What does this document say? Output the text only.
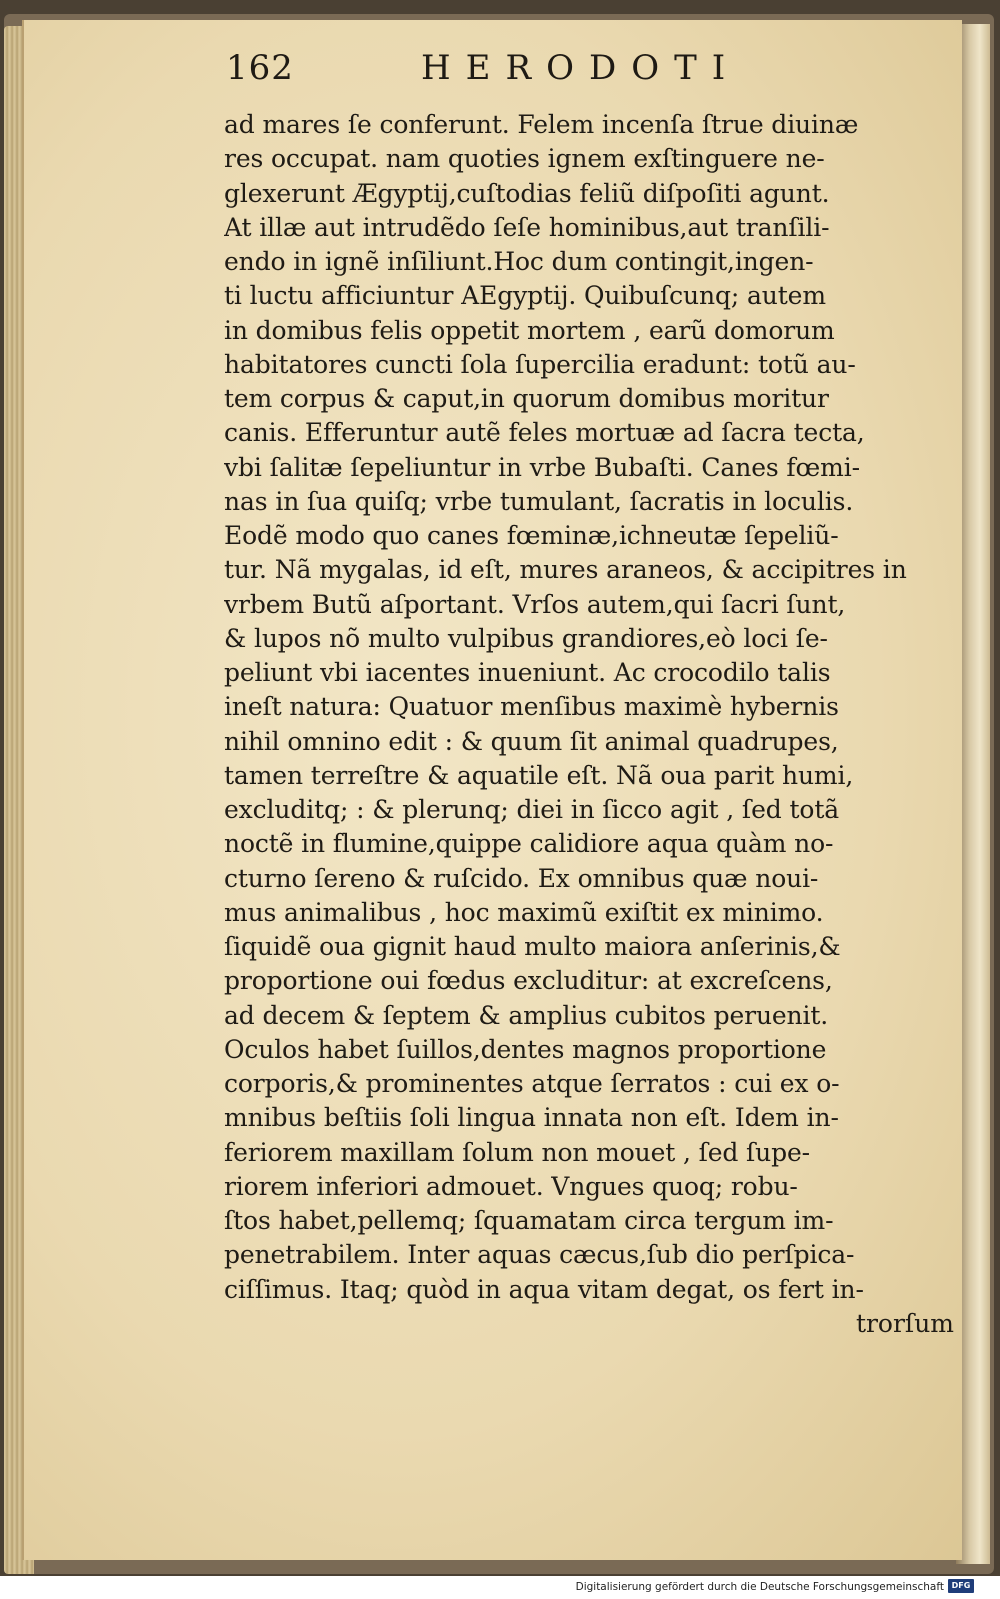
162	HERODOTI
ad mares ſe conferunt. Felem incenſa ſtrue diuinæ
res occupat. nam quoties ignem exſtinguere ne-
glexerunt Ægyptij,cuſtodias feliũ diſpoſiti agunt.
At illæ aut intrudẽdo ſeſe hominibus,aut tranſili-
endo in ignẽ inſiliunt.Hoc dum contingit,ingen-
ti luctu afficiuntur AEgyptij. Quibuſcunq; autem
in domibus felis oppetit mortem , earũ domorum
habitatores cuncti ſola ſupercilia eradunt: totũ au-
tem corpus & caput,in quorum domibus moritur
canis. Efferuntur autẽ feles mortuæ ad ſacra tecta,
vbi ſalitæ ſepeliuntur in vrbe Bubaſti. Canes fœmi-
nas in ſua quiſq; vrbe tumulant, ſacratis in loculis.
Eodẽ modo quo canes fœminæ,ichneutæ ſepeliũ-
tur. Nã mygalas, id eſt, mures araneos, & accipitres in
vrbem Butũ aſportant. Vrſos autem,qui ſacri ſunt,
& lupos nõ multo vulpibus grandiores,eò loci ſe-
peliunt vbi iacentes inueniunt. Ac crocodilo talis
ineſt natura: Quatuor menſibus maximè hybernis
nihil omnino edit : & quum ſit animal quadrupes,
tamen terreſtre & aquatile eſt. Nã oua parit humi,
excluditq; : & plerunq; diei in ſicco agit , ſed totã
noctẽ in flumine,quippe calidiore aqua quàm no-
cturno ſereno & ruſcido. Ex omnibus quæ noui-
mus animalibus , hoc maximũ exiſtit ex minimo.
ſiquidẽ oua gignit haud multo maiora anſerinis,&
proportione oui fœdus excluditur: at excreſcens,
ad decem & ſeptem & amplius cubitos peruenit.
Oculos habet ſuillos,dentes magnos proportione
corporis,& prominentes atque ſerratos : cui ex o-
mnibus beſtiis ſoli lingua innata non eſt. Idem in-
feriorem maxillam ſolum non mouet , ſed ſupe-
riorem inferiori admouet. Vngues quoq; robu-
ſtos habet,pellemq; ſquamatam circa tergum im-
penetrabilem. Inter aquas cæcus,ſub dio perſpica-
ciſſimus. Itaq; quòd in aqua vitam degat, os fert in-
trorſum
Digitalisierung gefördert durch die Deutsche Forschungsgemeinschaft DFG
